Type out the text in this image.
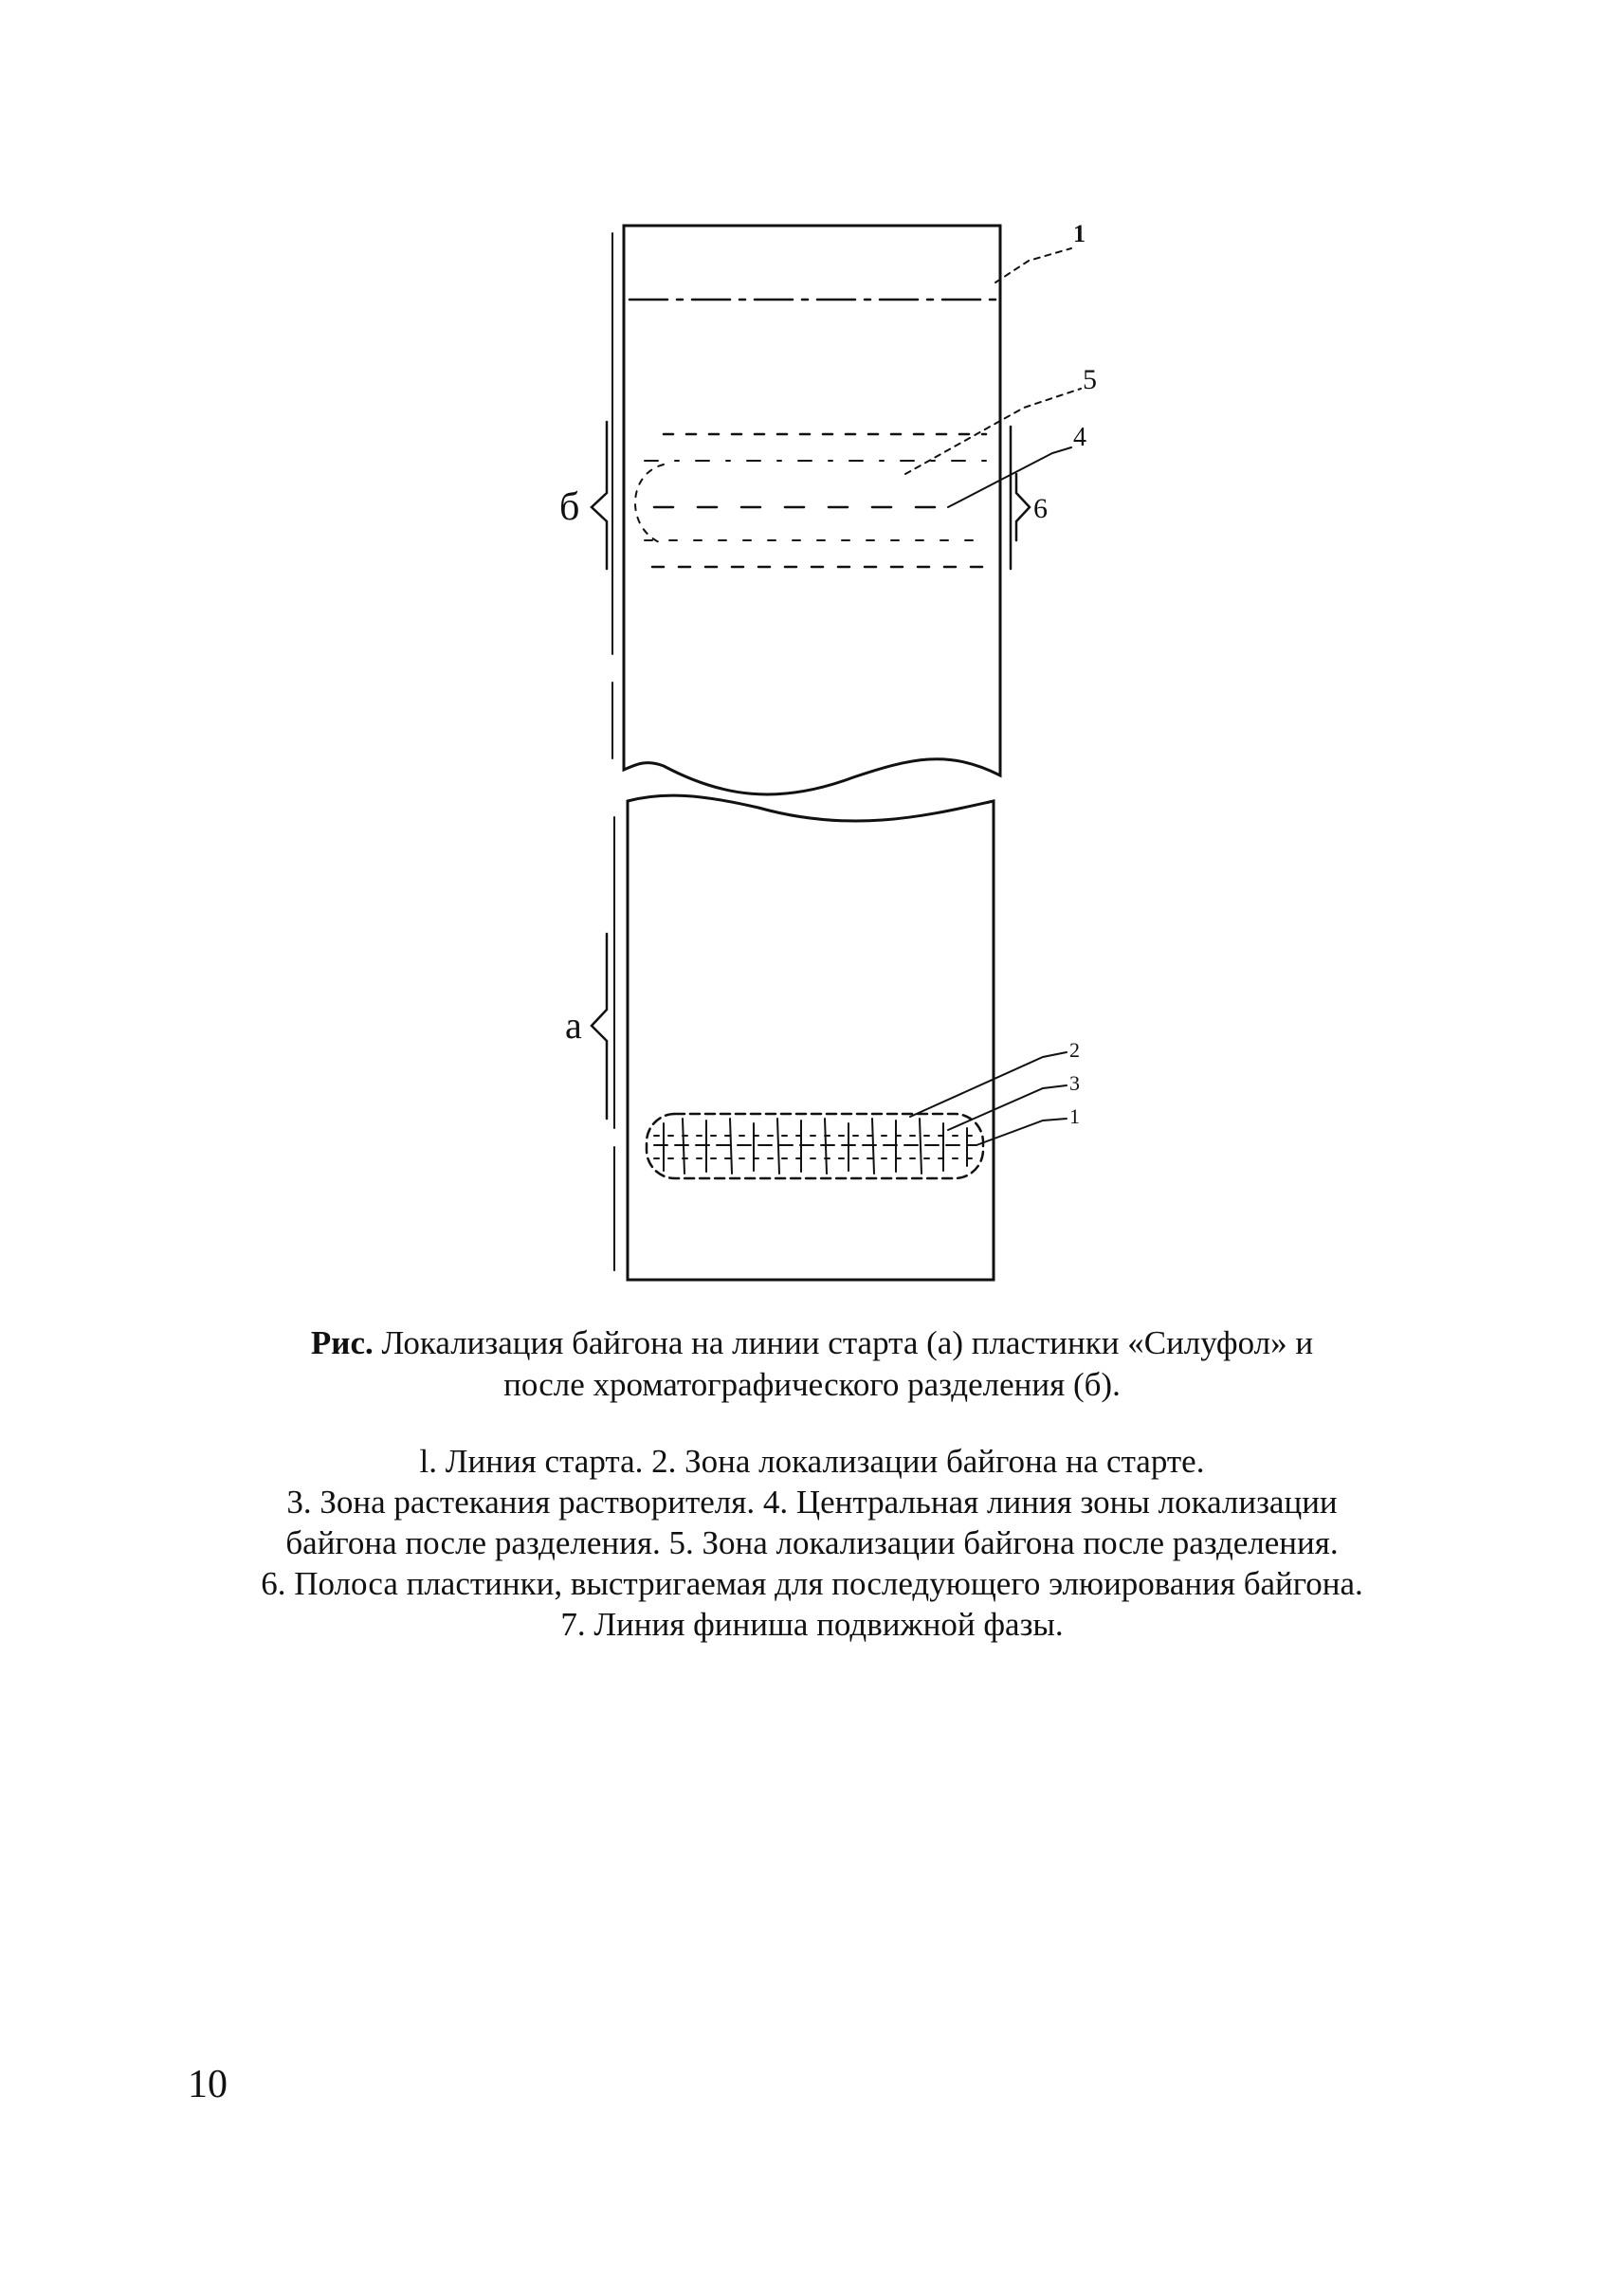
1
5
4
6
б
а
2
3
1
Рис. Локализация байгона на линии старта (а) пластинки «Силуфол» и
после хроматографического разделения (б).
l. Линия старта. 2. Зона локализации байгона на старте.
3. Зона растекания растворителя. 4. Центральная линия зоны локализации
байгона после разделения. 5. Зона локализации байгона после разделения.
6. Полоса пластинки, выстригаемая для последующего элюирования байгона.
7. Линия финиша подвижной фазы.
10
